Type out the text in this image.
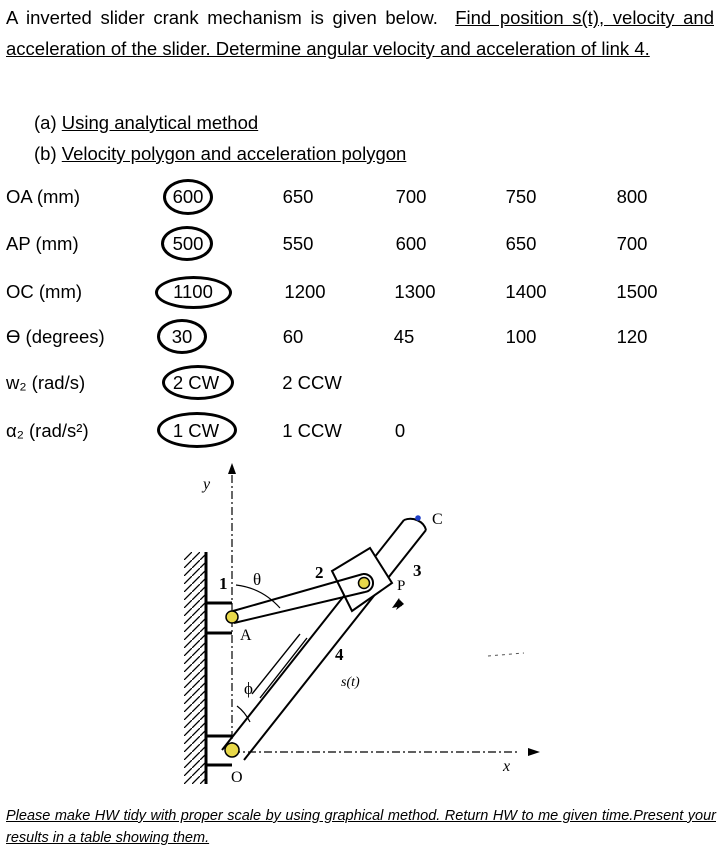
A inverted slider crank mechanism is given below. Find position s(t), velocity and acceleration of the slider. Determine angular velocity and acceleration of link 4.
(a) Using analytical method
(b) Velocity polygon and acceleration polygon
OA (mm)	600	650	700	750	800
AP (mm)	500	550	600	650	700
OC (mm)	1100	1200	1300	1400	1500
ϴ (degrees)	30	60	45	100	120
w₂ (rad/s)	2 CW	2 CCW
α₂ (rad/s²)	1 CW	1 CCW	0
y
x
1 θ	2	3
4
A
O
P
C
ϕ	s(t)
Please make HW tidy with proper scale by using graphical method. Return HW to me given time.Present your results in a table showing them.
